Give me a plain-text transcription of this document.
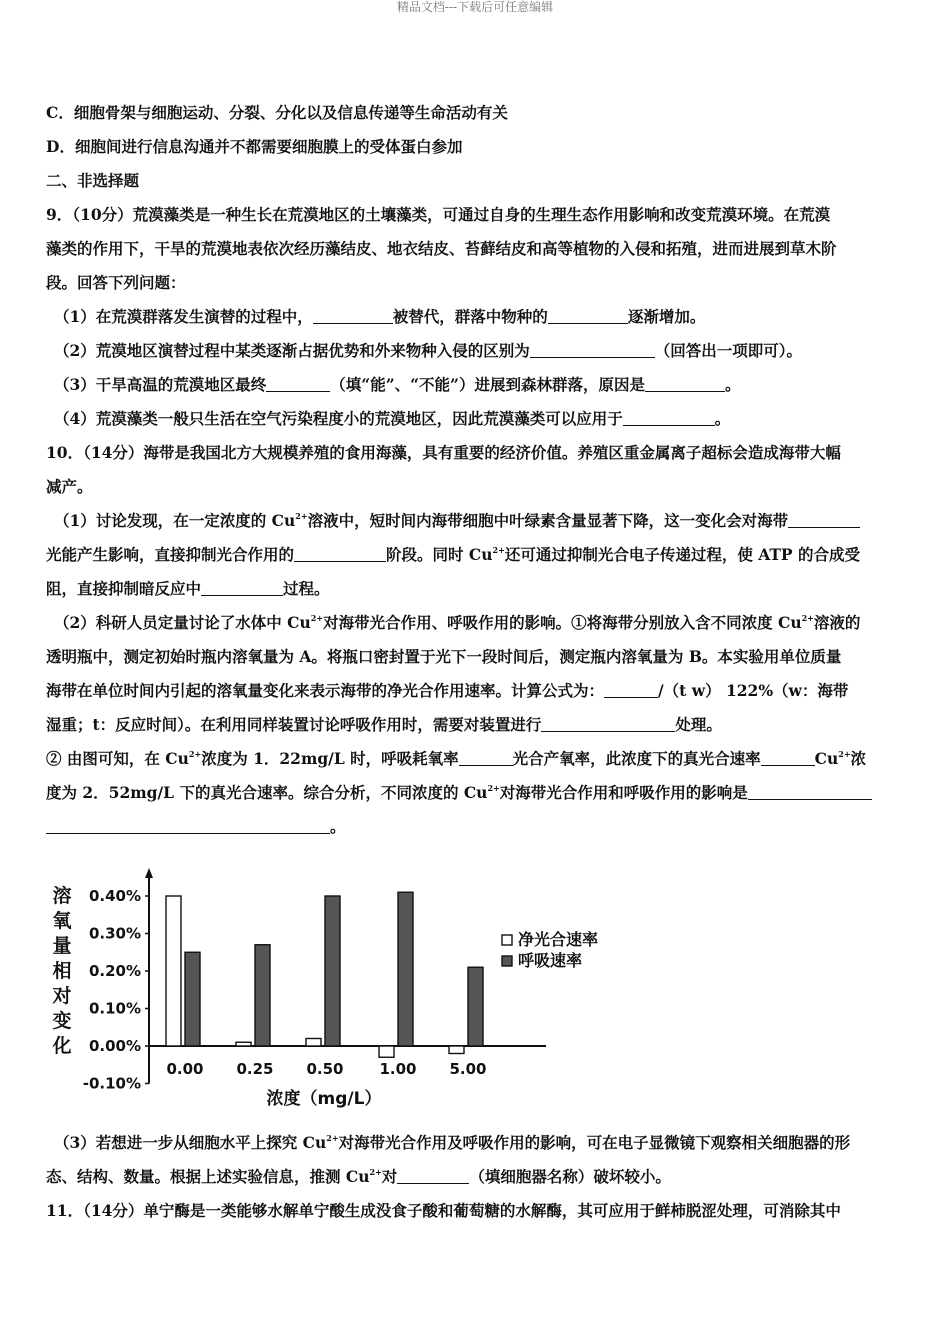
精品文档---下载后可任意编辑

C．细胞骨架与细胞运动、分裂、分化以及信息传递等生命活动有关

D．细胞间进行信息沟通并不都需要细胞膜上的受体蛋白参加

二、非选择题

9．（10分）荒漠藻类是一种生长在荒漠地区的土壤藻类，可通过自身的生理生态作用影响和改变荒漠环境。在荒漠

藻类的作用下，干旱的荒漠地表依次经历藻结皮、地衣结皮、苔藓结皮和高等植物的入侵和拓殖，进而进展到草木阶

段。回答下列问题：

（1）在荒漠群落发生演替的过程中，	被替代，群落中物种的	逐渐增加。

（2）荒漠地区演替过程中某类逐渐占据优势和外来物种入侵的区别为	（回答出一项即可）。

（3）干旱高温的荒漠地区最终	（填“能”、“不能”）进展到森林群落，原因是	。

（4）荒漠藻类一般只生活在空气污染程度小的荒漠地区，因此荒漠藻类可以应用于	。

10．（14分）海带是我国北方大规模养殖的食用海藻，具有重要的经济价值。养殖区重金属离子超标会造成海带大幅

减产。

（1）讨论发现，在一定浓度的 $Cu^{2+}$溶液中，短时间内海带细胞中叶绿素含量显著下降，这一变化会对海带

光能产生影响，直接抑制光合作用的	阶段。同时 $Cu^{2+}$还可通过抑制光合电子传递过程，使 ATP 的合成受

阻，直接抑制暗反应中	过程。

（2）科研人员定量讨论了水体中 $Cu^{2+}$对海带光合作用、呼吸作用的影响。①将海带分别放入含不同浓度 $Cu^{2+}$溶液的

透明瓶中，测定初始时瓶内溶氧量为 A。将瓶口密封置于光下一段时间后，测定瓶内溶氧量为 B。本实验用单位质量

海带在单位时间内引起的溶氧量变化来表示海带的净光合作用速率。计算公式为：	/（t w） 122%（w：海带

湿重；t：反应时间）。在利用同样装置讨论呼吸作用时，需要对装置进行	处理。

② 由图可知，在 $Cu^{2+}$浓度为 1．22mg/L 时，呼吸耗氧率	光合产氧率，此浓度下的真光合速率	$Cu^{2+}$浓

度为 2．52mg/L 下的真光合速率。综合分析，不同浓度的 $Cu^{2+}$对海带光合作用和呼吸作用的影响是

。

溶
氧
量
相
对
变
化
0.40%
0.30%
0.20%
0.10%
0.00%
-0.10%
0.00 0.25 0.50 1.00 5.00
浓度（mg/L）
净光合速率
呼吸速率

（3）若想进一步从细胞水平上探究 $Cu^{2+}$对海带光合作用及呼吸作用的影响，可在电子显微镜下观察相关细胞器的形

态、结构、数量。根据上述实验信息，推测 $Cu^{2+}$对	（填细胞器名称）破坏较小。

11．（14分）单宁酶是一类能够水解单宁酸生成没食子酸和葡萄糖的水解酶，其可应用于鲜柿脱涩处理，可消除其中
